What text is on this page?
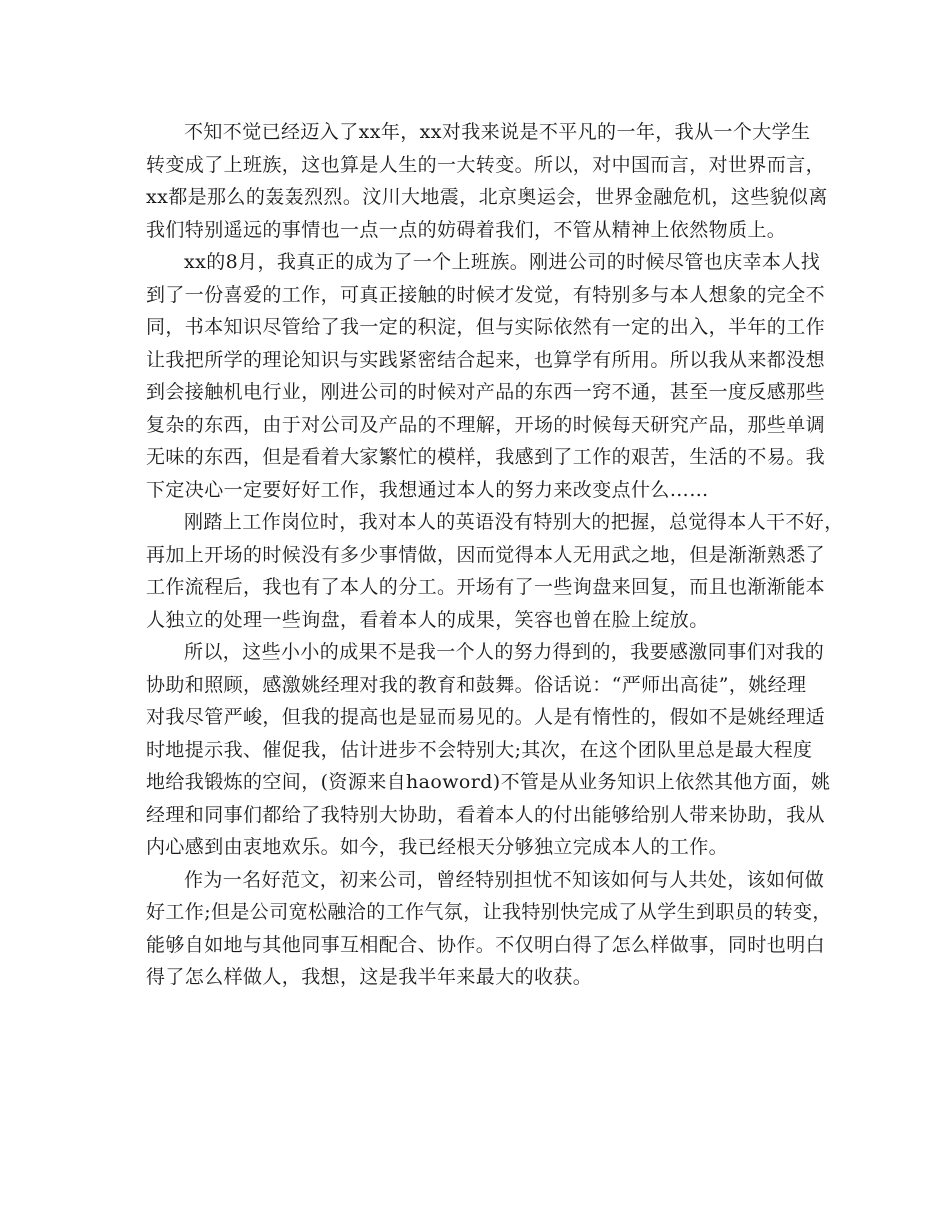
不知不觉已经迈入了xx年，xx对我来说是不平凡的一年，我从一个大学生
转变成了上班族，这也算是人生的一大转变。所以，对中国而言，对世界而言，
xx都是那么的轰轰烈烈。汶川大地震，北京奥运会，世界金融危机，这些貌似离
我们特别遥远的事情也一点一点的妨碍着我们，不管从精神上依然物质上。
xx的8月，我真正的成为了一个上班族。刚进公司的时候尽管也庆幸本人找
到了一份喜爱的工作，可真正接触的时候才发觉，有特别多与本人想象的完全不
同，书本知识尽管给了我一定的积淀，但与实际依然有一定的出入，半年的工作
让我把所学的理论知识与实践紧密结合起来，也算学有所用。所以我从来都没想
到会接触机电行业，刚进公司的时候对产品的东西一窍不通，甚至一度反感那些
复杂的东西，由于对公司及产品的不理解，开场的时候每天研究产品，那些单调
无味的东西，但是看着大家繁忙的模样，我感到了工作的艰苦，生活的不易。我
下定决心一定要好好工作，我想通过本人的努力来改变点什么……
刚踏上工作岗位时，我对本人的英语没有特别大的把握，总觉得本人干不好，
再加上开场的时候没有多少事情做，因而觉得本人无用武之地，但是渐渐熟悉了
工作流程后，我也有了本人的分工。开场有了一些询盘来回复，而且也渐渐能本
人独立的处理一些询盘，看着本人的成果，笑容也曾在脸上绽放。
所以，这些小小的成果不是我一个人的努力得到的，我要感激同事们对我的
协助和照顾，感激姚经理对我的教育和鼓舞。俗话说：“严师出高徒”，姚经理
对我尽管严峻，但我的提高也是显而易见的。人是有惰性的，假如不是姚经理适
时地提示我、催促我，估计进步不会特别大;其次，在这个团队里总是最大程度
地给我锻炼的空间，(资源来自haoword)不管是从业务知识上依然其他方面，姚
经理和同事们都给了我特别大协助，看着本人的付出能够给别人带来协助，我从
内心感到由衷地欢乐。如今，我已经根天分够独立完成本人的工作。
作为一名好范文，初来公司，曾经特别担忧不知该如何与人共处，该如何做
好工作;但是公司宽松融洽的工作气氛，让我特别快完成了从学生到职员的转变，
能够自如地与其他同事互相配合、协作。不仅明白得了怎么样做事，同时也明白
得了怎么样做人，我想，这是我半年来最大的收获。
